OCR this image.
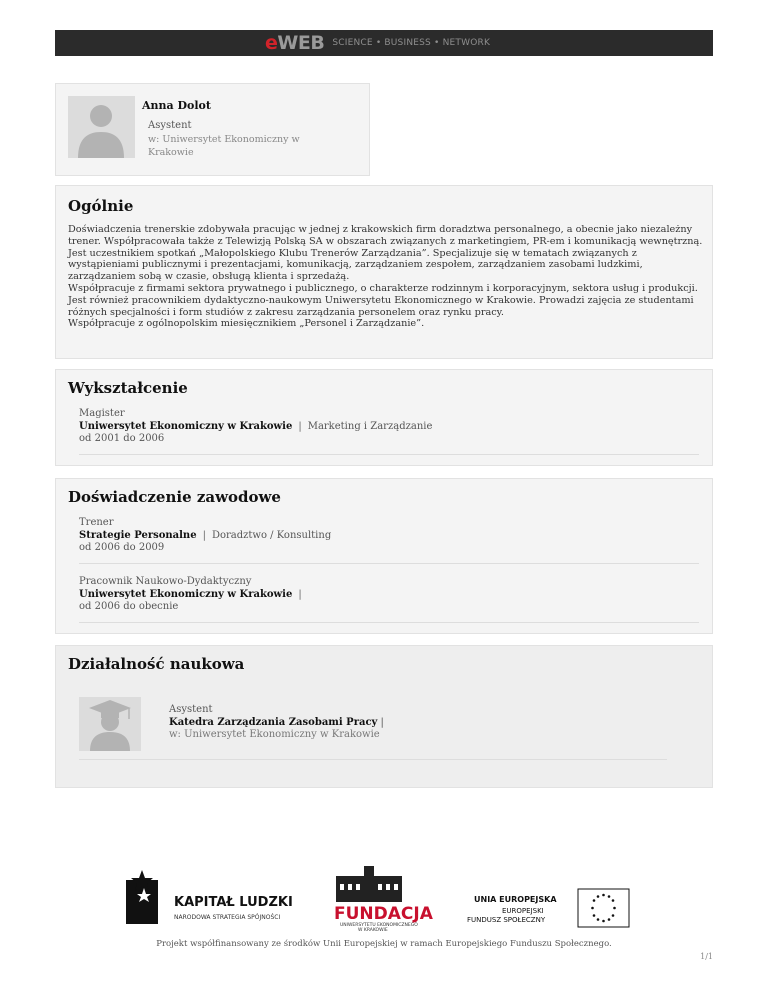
eWEB SCIENCE • BUSINESS • NETWORK
Anna Dolot
Asystent
w: Uniwersytet Ekonomiczny w Krakowie
Ogólnie
Doświadczenia trenerskie zdobywała pracując w jednej z krakowskich firm doradztwa personalnego, a obecnie jako niezależny trener. Współpracowała także z Telewizją Polską SA w obszarach związanych z marketingiem, PR-em i komunikacją wewnętrzną. Jest uczestnikiem spotkań „Małopolskiego Klubu Trenerów Zarządzania”. Specjalizuje się w tematach związanych z wystąpieniami publicznymi i prezentacjami, komunikacją, zarządzaniem zespołem, zarządzaniem zasobami ludzkimi, zarządzaniem sobą w czasie, obsługą klienta i sprzedażą.
Współpracuje z firmami sektora prywatnego i publicznego, o charakterze rodzinnym i korporacyjnym, sektora usług i produkcji.
Jest również pracownikiem dydaktyczno-naukowym Uniwersytetu Ekonomicznego w Krakowie. Prowadzi zajęcia ze studentami różnych specjalności i form studiów z zakresu zarządzania personelem oraz rynku pracy.
Współpracuje z ogólnopolskim miesięcznikiem „Personel i Zarządzanie”.
Wykształcenie
Magister
Uniwersytet Ekonomiczny w Krakowie | Marketing i Zarządzanie
od 2001 do 2006
Doświadczenie zawodowe
Trener
Strategie Personalne | Doradztwo / Konsulting
od 2006 do 2009
Pracownik Naukowo-Dydaktyczny
Uniwersytet Ekonomiczny w Krakowie |
od 2006 do obecnie
Działalność naukowa
Asystent
Katedra Zarządzania Zasobami Pracy |
w: Uniwersytet Ekonomiczny w Krakowie
KAPITAŁ LUDZKI
NARODOWA STRATEGIA SPÓJNOŚCI	FUNDACJA
UNIWERSYTETU EKONOMICZNEGO
W KRAKOWIE
UNIA EUROPEJSKA
EUROPEJSKI
FUNDUSZ SPOŁECZNY
Projekt współfinansowany ze środków Unii Europejskiej w ramach Europejskiego Funduszu Społecznego.
1/1
